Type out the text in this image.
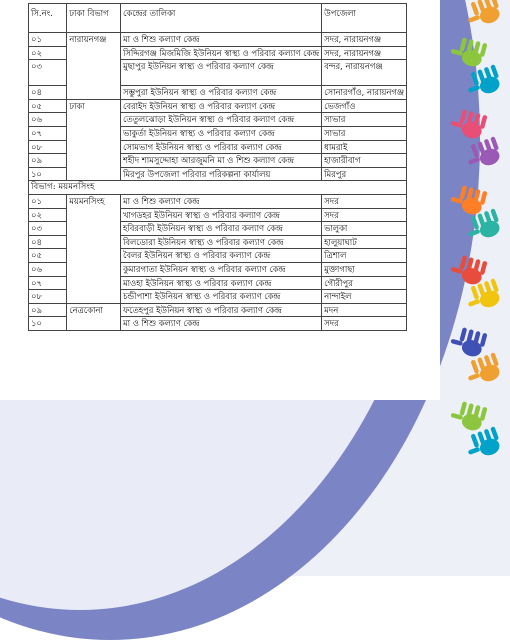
সি.নং.	ঢাকা বিভাগ	কেন্দ্রের তালিকা	উপজেলা
০১	নারায়নগঞ্জ	মা ও শিশু কল্যাণ কেন্দ্র	সদর, নারায়নগঞ্জ
০২		সিদ্দিরগঞ্জ মিজমিজি ইউনিয়ন স্বাস্থ্য ও পরিবার কল্যাণ কেন্দ্র	সদর, নারায়নগঞ্জ
০৩		মুছাপুর ইউনিয়ন স্বাস্থ্য ও পরিবার কল্যাণ কেন্দ্র	বন্দর, নারায়নগঞ্জ
০৪		সম্ভুপুরা ইউনিয়ন স্বাস্থ্য ও পরিবার কল্যাণ কেন্দ্র	সোনারগাঁও, নারায়নগঞ্জ
০৫	ঢাকা	বেরাইদ ইউনিয়ন স্বাস্থ্য ও পরিবার কল্যাণ কেন্দ্র	ভেজগাঁও
০৬		তেতুলঝোড়া ইউনিয়ন স্বাস্থ্য ও পরিবার কল্যাণ কেন্দ্র	সাভার
০৭		ভাকুর্তা ইউনিয়ন স্বাস্থ্য ও পরিবার কল্যাণ কেন্দ্র	সাভার
০৮		সোমভাগ ইউনিয়ন স্বাস্থ্য ও পরিবার কল্যাণ কেন্দ্র	ধামরাই
০৯		শহীদ শামসুদ্দোহা আরজুমনি মা ও শিশু কল্যাণ কেন্দ্র	হাজারীবাগ
১০		মিরপুর উপজেলা পরিবার পরিকল্পনা কার্যালয়	মিরপুর
বিভাগ: ময়মনসিংহ			
০১	ময়মনসিংহ	মা ও শিশু কল্যাণ কেন্দ্র	সদর
০২		খাগডহর ইউনিয়ন স্বাস্থ্য ও পরিবার কল্যাণ কেন্দ্র	সদর
০৩		হবিরবাড়ী ইউনিয়ন স্বাস্থ্য ও পরিবার কল্যাণ কেন্দ্র	ভালুকা
০৪		বিলডোরা ইউনিয়ন স্বাস্থ্য ও পরিবার কল্যাণ কেন্দ্র	হালুয়াঘাট
০৫		বৈলর ইউনিয়ন স্বাস্থ্য ও পরিবার কল্যাণ কেন্দ্র	ত্রিশাল
০৬		কুমারগাতা ইউনিয়ন স্বাস্থ্য ও পরিবার কল্যাণ কেন্দ্র	মুক্তাগাছা
০৭		মাওহা ইউনিয়ন স্বাস্থ্য ও পরিবার কল্যাণ কেন্দ্র	গৌরীপুর
০৮		চন্ডীপাশা ইউনিয়ন স্বাস্থ্য ও পরিবার কল্যাণ কেন্দ্র	নান্দাইল
০৯	নেত্রকোনা	ফতেহপুর ইউনিয়ন স্বাস্থ্য ও পরিবার কল্যাণ কেন্দ্র	মদন
১০		মা ও শিশু কল্যাণ কেন্দ্র	সদর
